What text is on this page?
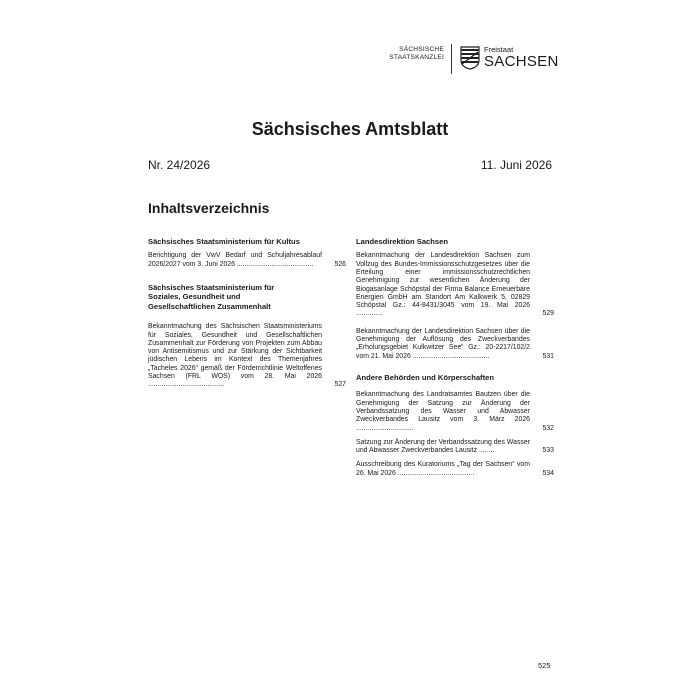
SÄCHSISCHE
STAATSKANZLEI
Freistaat
SACHSEN
Sächsisches Amtsblatt
Nr. 24/2026	11. Juni 2026
Inhaltsverzeichnis
Sächsisches Staatsministerium für Kultus
Berichtigung der VwV Bedarf und Schuljahresablauf 2026/2027 vom 3. Juni 2026 ........................................	526
Sächsisches Staatsministerium für Soziales, Gesundheit und Gesellschaftlichen Zusammenhalt
Bekanntmachung des Sächsischen Staatsministeriums für Soziales, Gesundheit und Gesellschaftlichen Zusammenhalt zur Förderung von Projekten zum Abbau von Antisemitismus und zur Stärkung der Sichtbarkeit jüdischen Lebens im Kontext des Themenjahres „Tacheles 2026“ gemäß der Förderrichtlinie Weltoffenes Sachsen (FRL WOS) vom 28. Mai 2026 ........................................	527
Landesdirektion Sachsen
Bekanntmachung der Landesdirektion Sachsen zum Vollzug des Bundes-Immissionsschutzgesetzes über die Erteilung einer immissionsschutzrechtlichen Genehmigung zur wesentlichen Änderung der Biogasanlage Schöpstal der Firma Balance Erneuerbare Energien GmbH am Standort Am Kalkwerk 5, 02829 Schöpstal Gz.: 44-8431/3045 vom 19. Mai 2026 ..............	529
Bekanntmachung der Landesdirektion Sachsen über die Genehmigung der Auflösung des Zweckverbandes „Erholungsgebiet Kulkwitzer See“ Gz.: 20-2217/102/2 vom 21. Mai 2026 ........................................	531
Andere Behörden und Körperschaften
Bekanntmachung des Landratsamtes Bautzen über die Genehmigung der Satzung zur Änderung der Verbandssatzung des Wasser und Abwasser Zweckverbandes Lausitz vom 3. März 2026 ..............................	532
Satzung zur Änderung der Verbandssatzung des Wasser und Abwasser Zweckverbandes Lausitz ........	533
Ausschreibung des Kuratoriums „Tag der Sachsen“ vom 26. Mai 2026 ........................................	534
525
